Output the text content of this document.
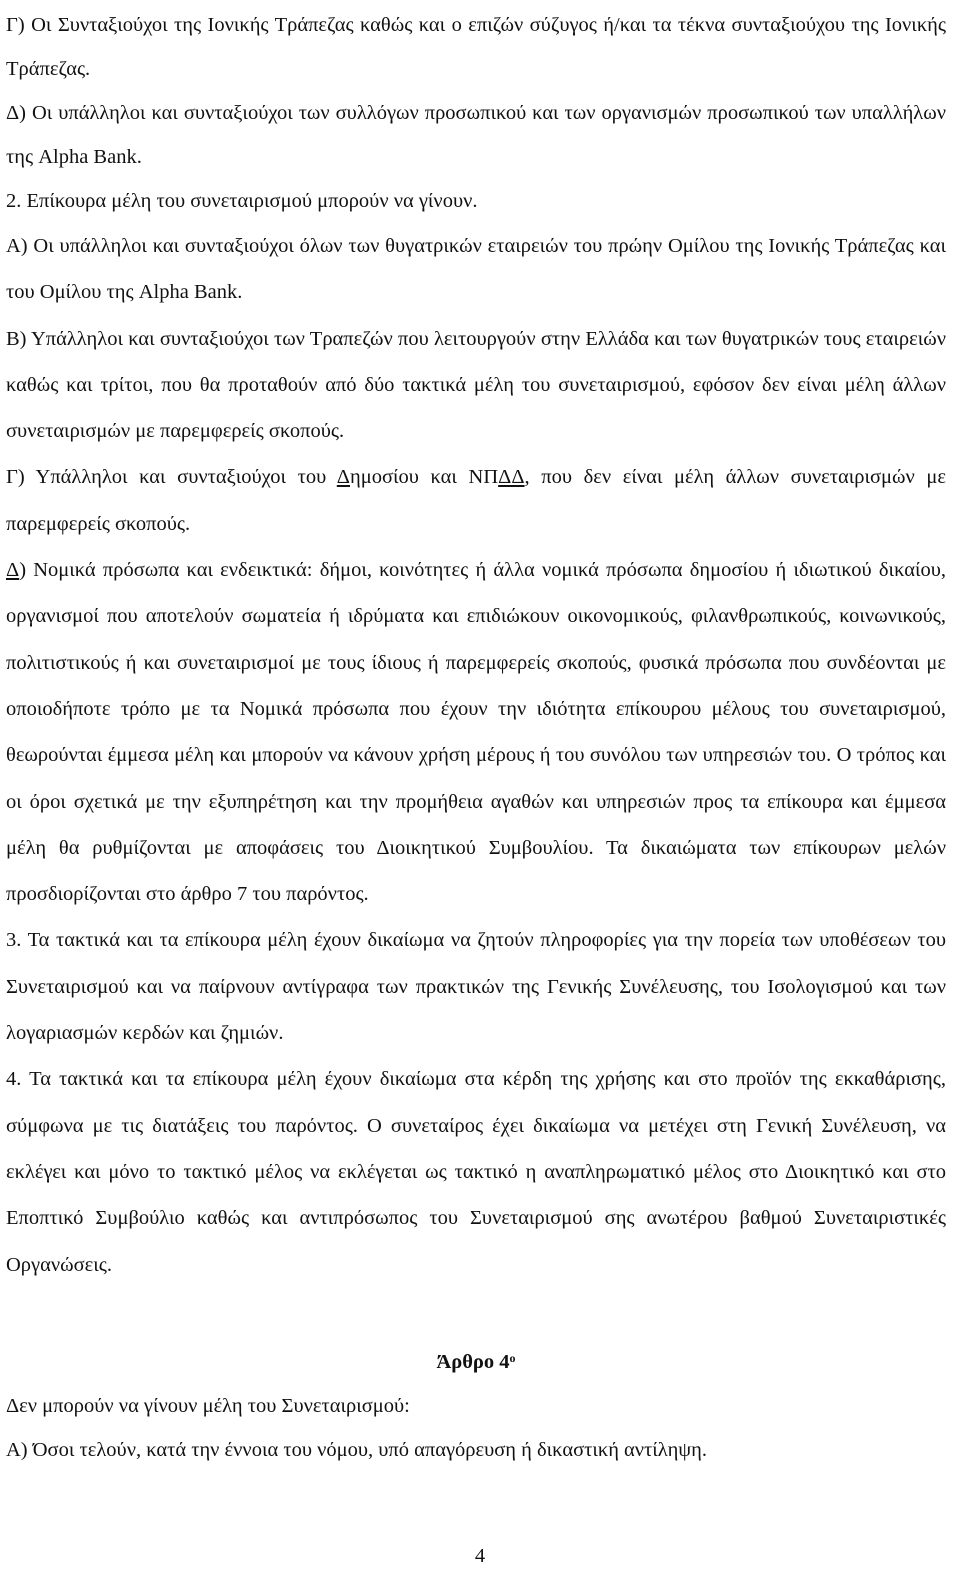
Γ) Οι Συνταξιούχοι της Ιονικής Τράπεζας καθώς και ο επιζών σύζυγος ή/και τα τέκνα συνταξιούχου της Ιονικής Τράπεζας.

Δ) Οι υπάλληλοι και συνταξιούχοι των συλλόγων προσωπικού και των οργανισμών προσωπικού των υπαλλήλων της Alpha Bank.

2. Επίκουρα μέλη του συνεταιρισμού μπορούν να γίνουν.

Α) Οι υπάλληλοι και συνταξιούχοι όλων των θυγατρικών εταιρειών του πρώην Ομίλου της Ιονικής Τράπεζας και του Ομίλου της Alpha Bank.

Β) Υπάλληλοι και συνταξιούχοι των Τραπεζών που λειτουργούν στην Ελλάδα και των θυγατρικών τους εταιρειών καθώς και τρίτοι, που θα προταθούν από δύο τακτικά μέλη του συνεταιρισμού, εφόσον δεν είναι μέλη άλλων συνεταιρισμών με παρεμφερείς σκοπούς.

Γ) Υπάλληλοι και συνταξιούχοι του Δημοσίου και ΝΠΔΔ, που δεν είναι μέλη άλλων συνεταιρισμών με παρεμφερείς σκοπούς.

Δ) Νομικά πρόσωπα και ενδεικτικά: δήμοι, κοινότητες ή άλλα νομικά πρόσωπα δημοσίου ή ιδιωτικού δικαίου, οργανισμοί που αποτελούν σωματεία ή ιδρύματα και επιδιώκουν οικονομικούς, φιλανθρωπικούς, κοινωνικούς, πολιτιστικούς ή και συνεταιρισμοί με τους ίδιους ή παρεμφερείς σκοπούς, φυσικά πρόσωπα που συνδέονται με οποιοδήποτε τρόπο με τα Νομικά πρόσωπα που έχουν την ιδιότητα επίκουρου μέλους του συνεταιρισμού, θεωρούνται έμμεσα μέλη και μπορούν να κάνουν χρήση μέρους ή του συνόλου των υπηρεσιών του. Ο τρόπος και οι όροι σχετικά με την εξυπηρέτηση και την προμήθεια αγαθών και υπηρεσιών προς τα επίκουρα και έμμεσα μέλη θα ρυθμίζονται με αποφάσεις του Διοικητικού Συμβουλίου. Τα δικαιώματα των επίκουρων μελών προσδιορίζονται στο άρθρο 7 του παρόντος.

3. Τα τακτικά και τα επίκουρα μέλη έχουν δικαίωμα να ζητούν πληροφορίες για την πορεία των υποθέσεων του Συνεταιρισμού και να παίρνουν αντίγραφα των πρακτικών της Γενικής Συνέλευσης, του Ισολογισμού και των λογαριασμών κερδών και ζημιών.

4. Τα τακτικά και τα επίκουρα μέλη έχουν δικαίωμα στα κέρδη της χρήσης και στο προϊόν της εκκαθάρισης, σύμφωνα με τις διατάξεις του παρόντος. Ο συνεταίρος έχει δικαίωμα να μετέχει στη Γενική Συνέλευση, να εκλέγει και μόνο το τακτικό μέλος να εκλέγεται ως τακτικό η αναπληρωματικό μέλος στο Διοικητικό και στο Εποπτικό Συμβούλιο καθώς και αντιπρόσωπος του Συνεταιρισμού σης ανωτέρου βαθμού Συνεταιριστικές Οργανώσεις.

Άρθρο $4^o$

Δεν μπορούν να γίνουν μέλη του Συνεταιρισμού:

Α) Όσοι τελούν, κατά την έννοια του νόμου, υπό απαγόρευση ή δικαστική αντίληψη.

4
